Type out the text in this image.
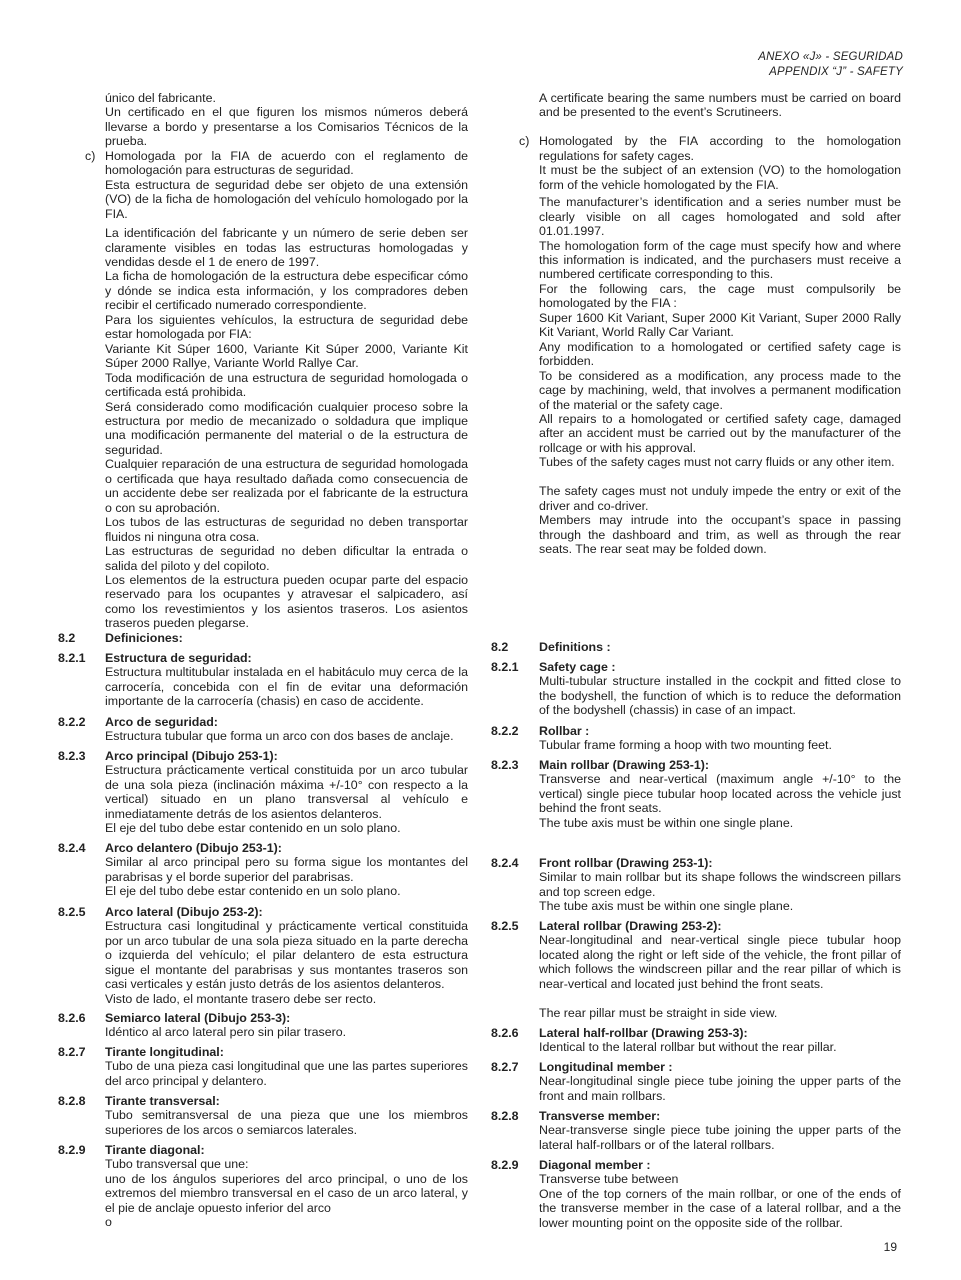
ANEXO «J» - SEGURIDAD
APPENDIX “J” - SAFETY

único del fabricante.

Un certificado en el que figuren los mismos números deberá llevarse a bordo y presentarse a los Comisarios Técnicos de la prueba.

c) Homologada por la FIA de acuerdo con el reglamento de homologación para estructuras de seguridad.

Esta estructura de seguridad debe ser objeto de una extensión (VO) de la ficha de homologación del vehículo homologado por la FIA.

La identificación del fabricante y un número de serie deben ser claramente visibles en todas las estructuras homologadas y vendidas desde el 1 de enero de 1997.

La ficha de homologación de la estructura debe especificar cómo y dónde se indica esta información, y los compradores deben recibir el certificado numerado correspondiente.

Para los siguientes vehículos, la estructura de seguridad debe estar homologada por FIA:

Variante Kit Súper 1600, Variante Kit Súper 2000, Variante Kit Súper 2000 Rallye, Variante World Rallye Car.

Toda modificación de una estructura de seguridad homologada o certificada está prohibida.

Será considerado como modificación cualquier proceso sobre la estructura por medio de mecanizado o soldadura que implique una modificación permanente del material o de la estructura de seguridad.

Cualquier reparación de una estructura de seguridad homologada o certificada que haya resultado dañada como consecuencia de un accidente debe ser realizada por el fabricante de la estructura o con su aprobación.

Los tubos de las estructuras de seguridad no deben transportar fluidos ni ninguna otra cosa.

Las estructuras de seguridad no deben dificultar la entrada o salida del piloto y del copiloto.

Los elementos de la estructura pueden ocupar parte del espacio reservado para los ocupantes y atravesar el salpicadero, así como los revestimientos y los asientos traseros. Los asientos traseros pueden plegarse.

A certificate bearing the same numbers must be carried on board and be presented to the event’s Scrutineers.

c) Homologated by the FIA according to the homologation regulations for safety cages.

It must be the subject of an extension (VO) to the homologation form of the vehicle homologated by the FIA.

The manufacturer’s identification and a series number must be clearly visible on all cages homologated and sold after 01.01.1997.

The homologation form of the cage must specify how and where this information is indicated, and the purchasers must receive a numbered certificate corresponding to this.

For the following cars, the cage must compulsorily be homologated by the FIA :

Super 1600 Kit Variant, Super 2000 Kit Variant, Super 2000 Rally Kit Variant, World Rally Car Variant.

Any modification to a homologated or certified safety cage is forbidden.

To be considered as a modification, any process made to the cage by machining, weld, that involves a permanent modification of the material or the safety cage.

All repairs to a homologated or certified safety cage, damaged after an accident must be carried out by the manufacturer of the rollcage or with his approval.

Tubes of the safety cages must not carry fluids or any other item.

The safety cages must not unduly impede the entry or exit of the driver and co-driver.

Members may intrude into the occupant’s space in passing through the dashboard and trim, as well as through the rear seats. The rear seat may be folded down.

8.2 Definiciones:
8.2.1 Estructura de seguridad:

Estructura multitubular instalada en el habitáculo muy cerca de la carrocería, concebida con el fin de evitar una deformación importante de la carrocería (chasis) en caso de accidente.

8.2.2 Arco de seguridad:

Estructura tubular que forma un arco con dos bases de anclaje.

8.2.3 Arco principal (Dibujo 253-1):

Estructura prácticamente vertical constituida por un arco tubular de una sola pieza (inclinación máxima +/-10° con respecto a la vertical) situado en un plano transversal al vehículo e inmediatamente detrás de los asientos delanteros.

El eje del tubo debe estar contenido en un solo plano.

8.2.4 Arco delantero (Dibujo 253-1):

Similar al arco principal pero su forma sigue los montantes del parabrisas y el borde superior del parabrisas.

El eje del tubo debe estar contenido en un solo plano.

8.2.5 Arco lateral (Dibujo 253-2):

Estructura casi longitudinal y prácticamente vertical constituida por un arco tubular de una sola pieza situado en la parte derecha o izquierda del vehículo; el pilar delantero de esta estructura sigue el montante del parabrisas y sus montantes traseros son casi verticales y están justo detrás de los asientos delanteros.

Visto de lado, el montante trasero debe ser recto.

8.2.6 Semiarco lateral (Dibujo 253-3):

Idéntico al arco lateral pero sin pilar trasero.

8.2.7 Tirante longitudinal:

Tubo de una pieza casi longitudinal que une las partes superiores del arco principal y delantero.

8.2.8 Tirante transversal:

Tubo semitransversal de una pieza que une los miembros superiores de los arcos o semiarcos laterales.

8.2.9 Tirante diagonal:

Tubo transversal que une:

uno de los ángulos superiores del arco principal, o uno de los extremos del miembro transversal en el caso de un arco lateral, y el pie de anclaje opuesto inferior del arco

o

8.2 Definitions :
8.2.1 Safety cage :

Multi-tubular structure installed in the cockpit and fitted close to the bodyshell, the function of which is to reduce the deformation of the bodyshell (chassis) in case of an impact.

8.2.2 Rollbar :

Tubular frame forming a hoop with two mounting feet.

8.2.3 Main rollbar (Drawing 253-1):

Transverse and near-vertical (maximum angle +/-10° to the vertical) single piece tubular hoop located across the vehicle just behind the front seats.

The tube axis must be within one single plane.

8.2.4 Front rollbar (Drawing 253-1):

Similar to main rollbar but its shape follows the windscreen pillars and top screen edge.

The tube axis must be within one single plane.

8.2.5 Lateral rollbar (Drawing 253-2):

Near-longitudinal and near-vertical single piece tubular hoop located along the right or left side of the vehicle, the front pillar of which follows the windscreen pillar and the rear pillar of which is near-vertical and located just behind the front seats.

The rear pillar must be straight in side view.

8.2.6 Lateral half-rollbar (Drawing 253-3):

Identical to the lateral rollbar but without the rear pillar.

8.2.7 Longitudinal member :

Near-longitudinal single piece tube joining the upper parts of the front and main rollbars.

8.2.8 Transverse member:

Near-transverse single piece tube joining the upper parts of the lateral half-rollbars or of the lateral rollbars.

8.2.9 Diagonal member :

Transverse tube between

One of the top corners of the main rollbar, or one of the ends of the transverse member in the case of a lateral rollbar, and a the lower mounting point on the opposite side of the rollbar.

19
